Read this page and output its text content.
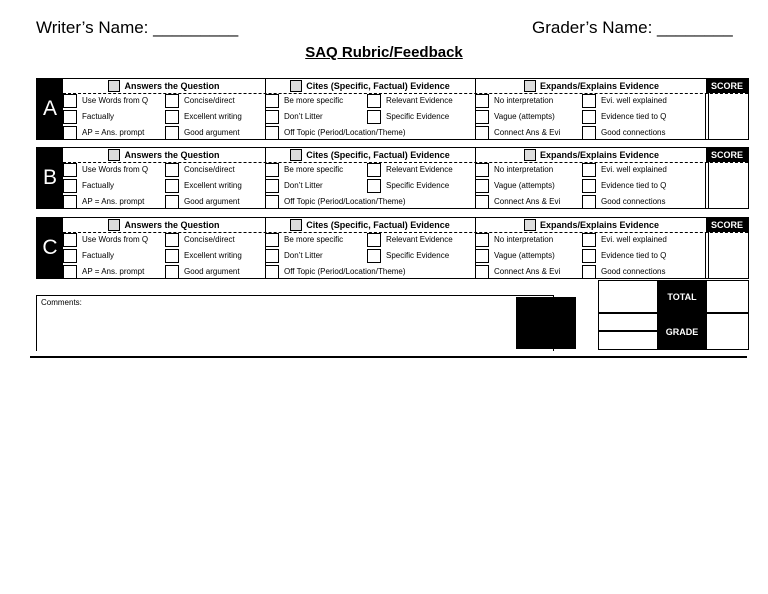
Writer’s Name: _________	Grader’s Name: ________
SAQ Rubric/Feedback
A
Answers the Question	Cites (Specific, Factual) Evidence	Expands/Explains Evidence	SCORE
Use Words from Q	Concise/direct	Be more specific	Relevant Evidence	No interpretation	Evi. well explained
Factually	Excellent writing	Don’t Litter	Specific Evidence	Vague (attempts)	Evidence tied to Q
AP = Ans. prompt	Good argument	Off Topic (Period/Location/Theme)	Connect Ans & Evi	Good connections
B
Answers the Question	Cites (Specific, Factual) Evidence	Expands/Explains Evidence	SCORE
Use Words from Q	Concise/direct	Be more specific	Relevant Evidence	No interpretation	Evi. well explained
Factually	Excellent writing	Don’t Litter	Specific Evidence	Vague (attempts)	Evidence tied to Q
AP = Ans. prompt	Good argument	Off Topic (Period/Location/Theme)	Connect Ans & Evi	Good connections
C
Answers the Question	Cites (Specific, Factual) Evidence	Expands/Explains Evidence	SCORE
Use Words from Q	Concise/direct	Be more specific	Relevant Evidence	No interpretation	Evi. well explained
Factually	Excellent writing	Don’t Litter	Specific Evidence	Vague (attempts)	Evidence tied to Q
AP = Ans. prompt	Good argument	Off Topic (Period/Location/Theme)	Connect Ans & Evi	Good connections
Comments:
TOTAL
GRADE
